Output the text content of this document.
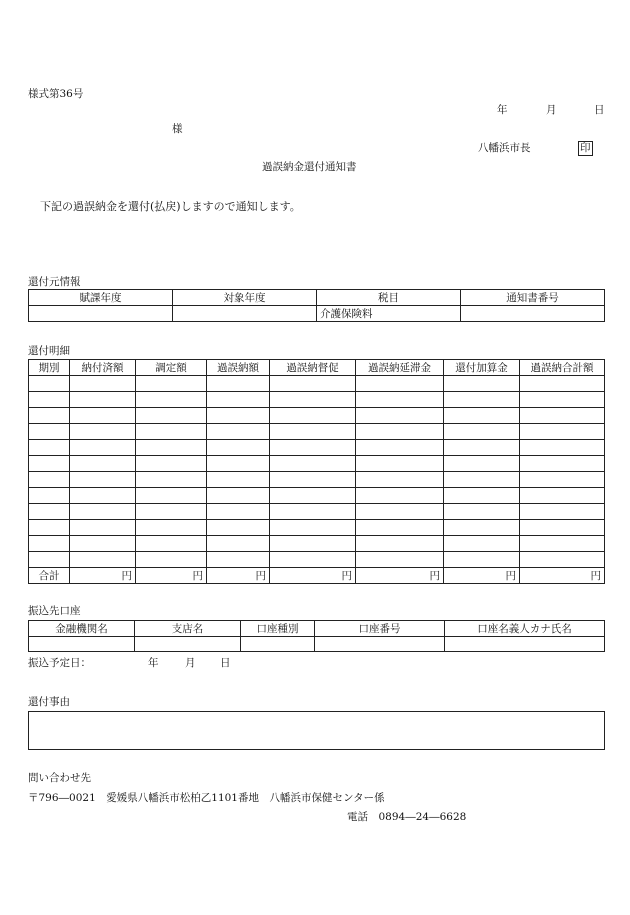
様式第36号
年	月	日
様
八幡浜市長	印
過誤納金還付通知書
下記の過誤納金を還付(払戻)しますので通知します。
還付元情報
賦課年度	対象年度	税目	通知書番号
		介護保険料	
還付明細
期別	納付済額	調定額	過誤納額	過誤納督促	過誤納延滞金	還付加算金	過誤納合計額

合計	円	円	円	円	円	円	円
振込先口座
金融機関名	支店名	口座種別	口座番号	口座名義人カナ氏名

振込予定日：	年	月 日
還付事由
問い合わせ先
〒796―0021　愛媛県八幡浜市松柏乙1101番地　八幡浜市保健センター係
電話　0894―24―6628
